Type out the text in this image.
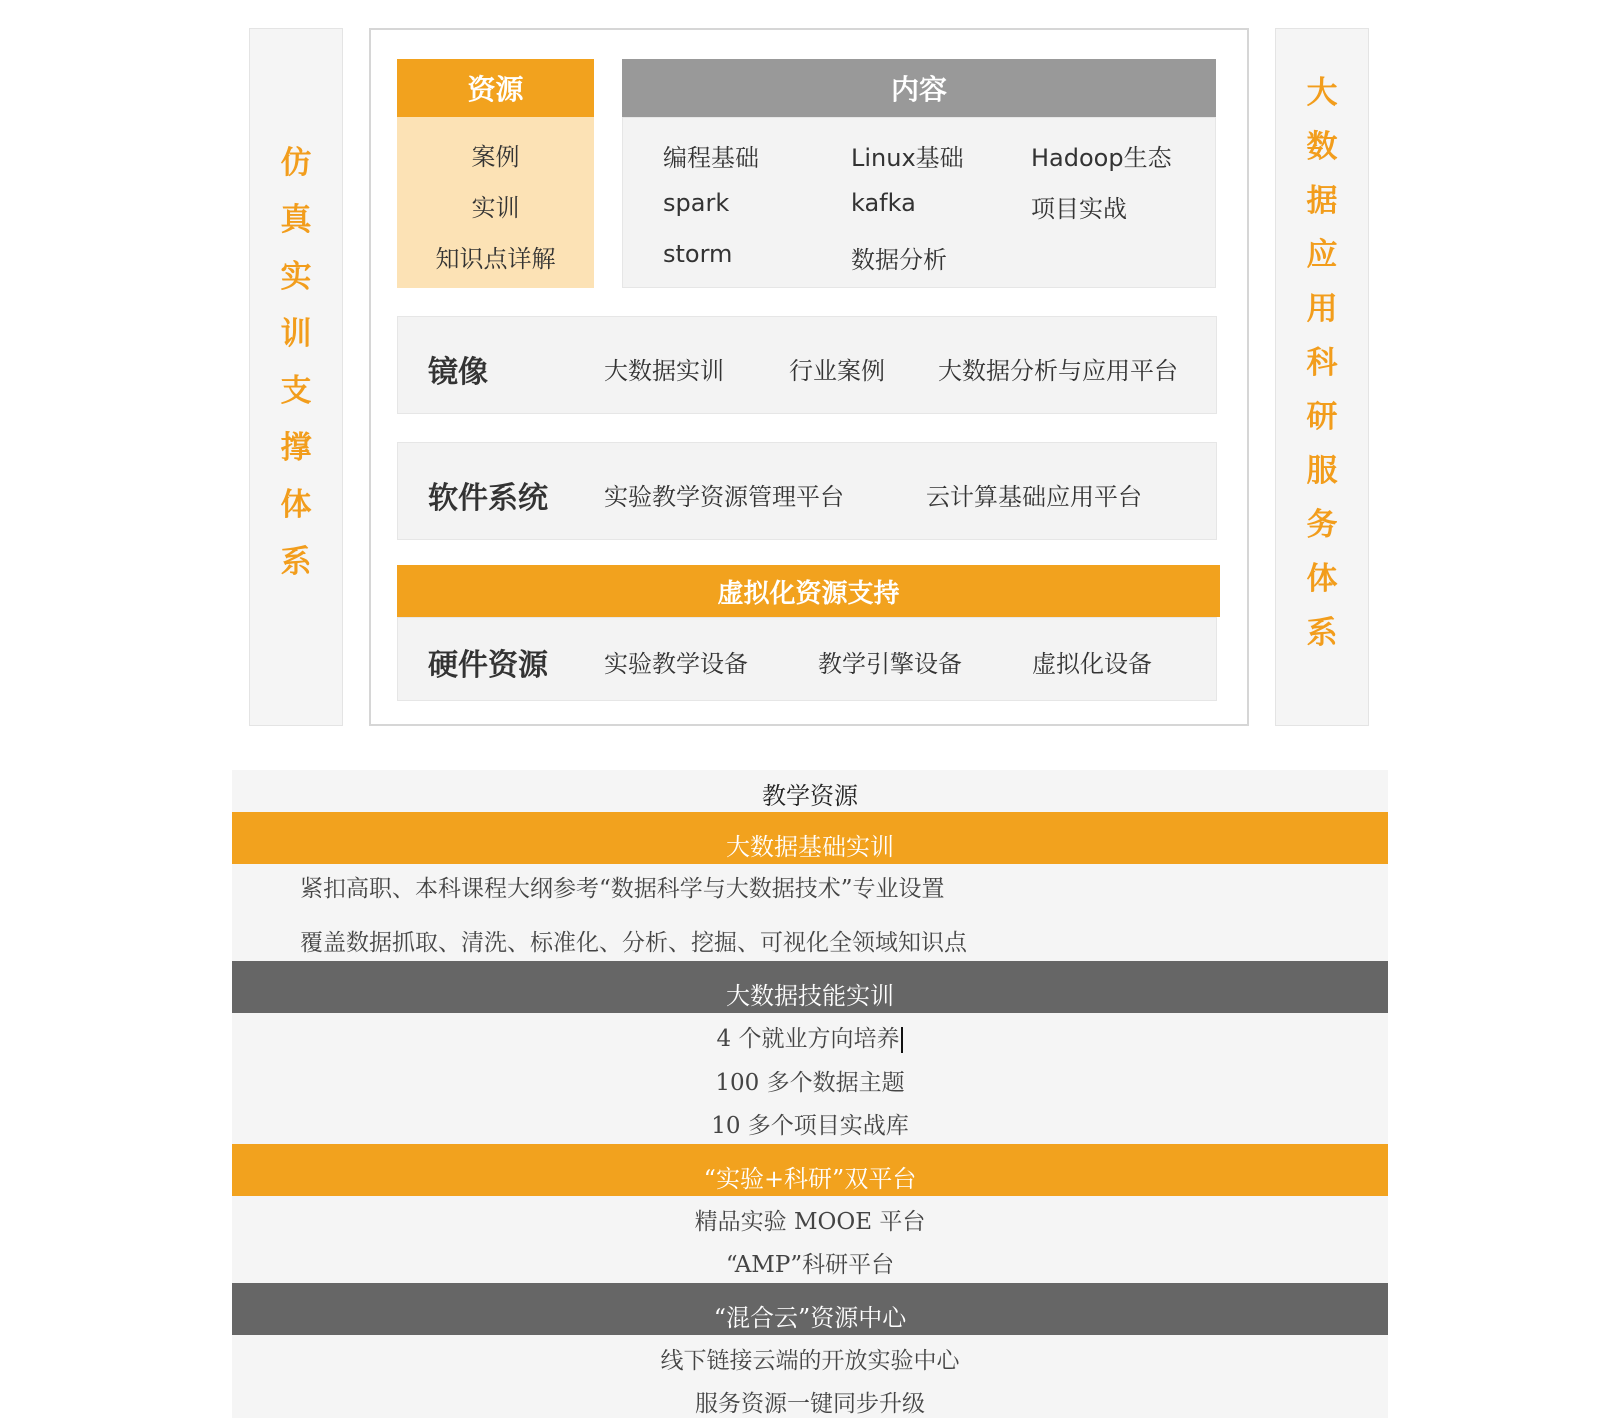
仿
真
实
训
支
撑
体
系
大
数
据
应
用
科
研
服
务
体
系
资源
案例
实训
知识点详解
内容
编程基础	Linux基础	Hadoop生态
spark	kafka	项目实战
storm	数据分析
镜像	大数据实训	行业案例 大数据分析与应用平台
软件系统 实验教学资源管理平台	云计算基础应用平台
虚拟化资源支持
硬件资源 实验教学设备	教学引擎设备	虚拟化设备
教学资源
大数据基础实训
紧扣高职、本科课程大纲参考“数据科学与大数据技术”专业设置
覆盖数据抓取、清洗、标准化、分析、挖掘、可视化全领域知识点
大数据技能实训
4 个就业方向培养
100 多个数据主题
10 多个项目实战库
“实验+科研”双平台
精品实验 MOOE 平台
“AMP”科研平台
“混合云”资源中心
线下链接云端的开放实验中心
服务资源一键同步升级
